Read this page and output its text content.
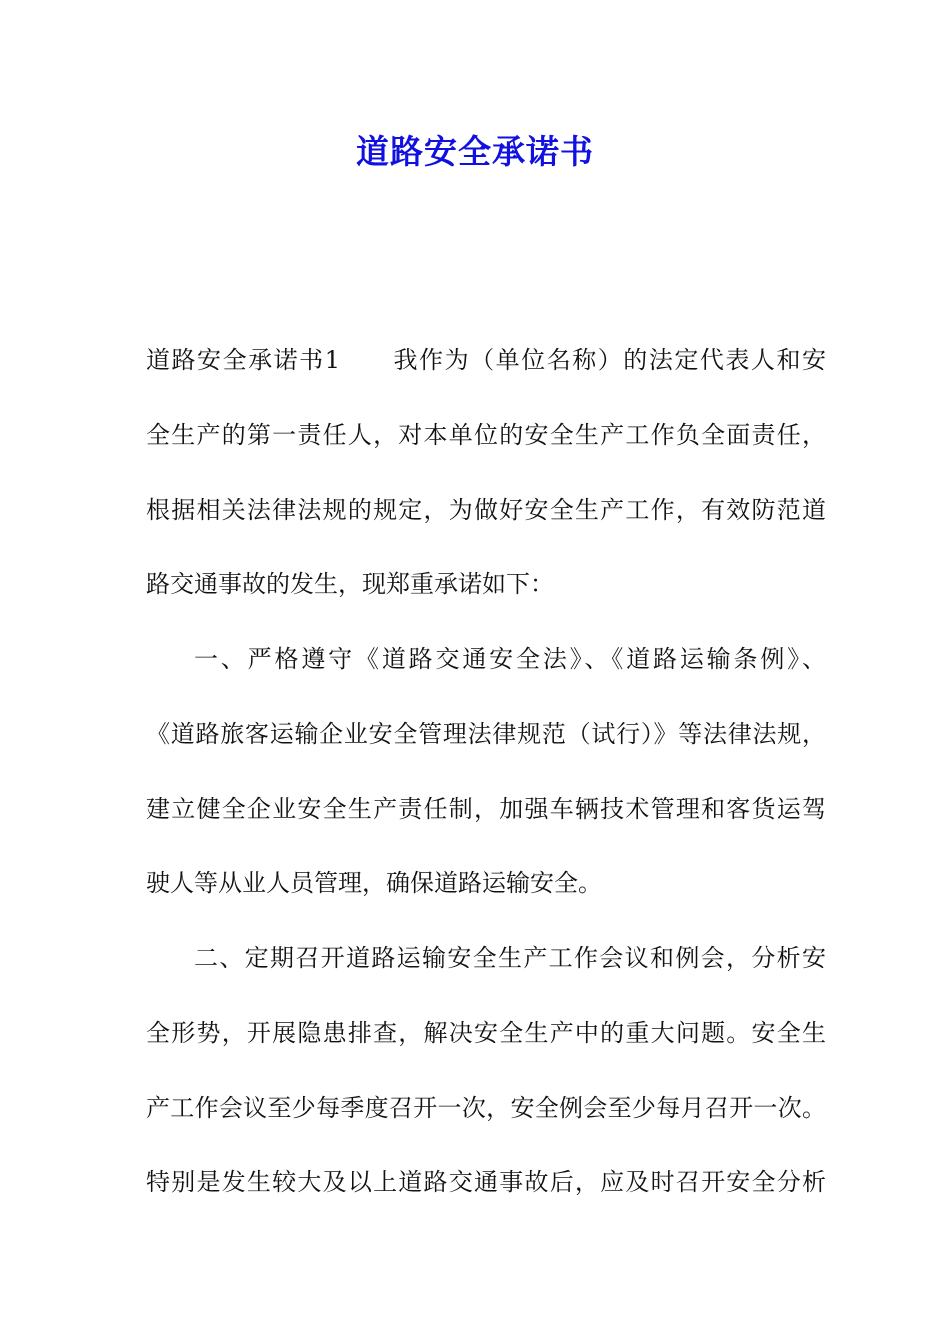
道路安全承诺书

道路安全承诺书1 我作为（单位名称）的法定代表人和安

全生产的第一责任人，对本单位的安全生产工作负全面责任，

根据相关法律法规的规定，为做好安全生产工作，有效防范道

路交通事故的发生，现郑重承诺如下：

一、严格遵守《道路交通安全法》、《道路运输条例》、

《道路旅客运输企业安全管理法律规范（试行）》等法律法规，

建立健全企业安全生产责任制，加强车辆技术管理和客货运驾

驶人等从业人员管理，确保道路运输安全。

二、定期召开道路运输安全生产工作会议和例会，分析安

全形势，开展隐患排查，解决安全生产中的重大问题。安全生

产工作会议至少每季度召开一次，安全例会至少每月召开一次。

特别是发生较大及以上道路交通事故后，应及时召开安全分析
